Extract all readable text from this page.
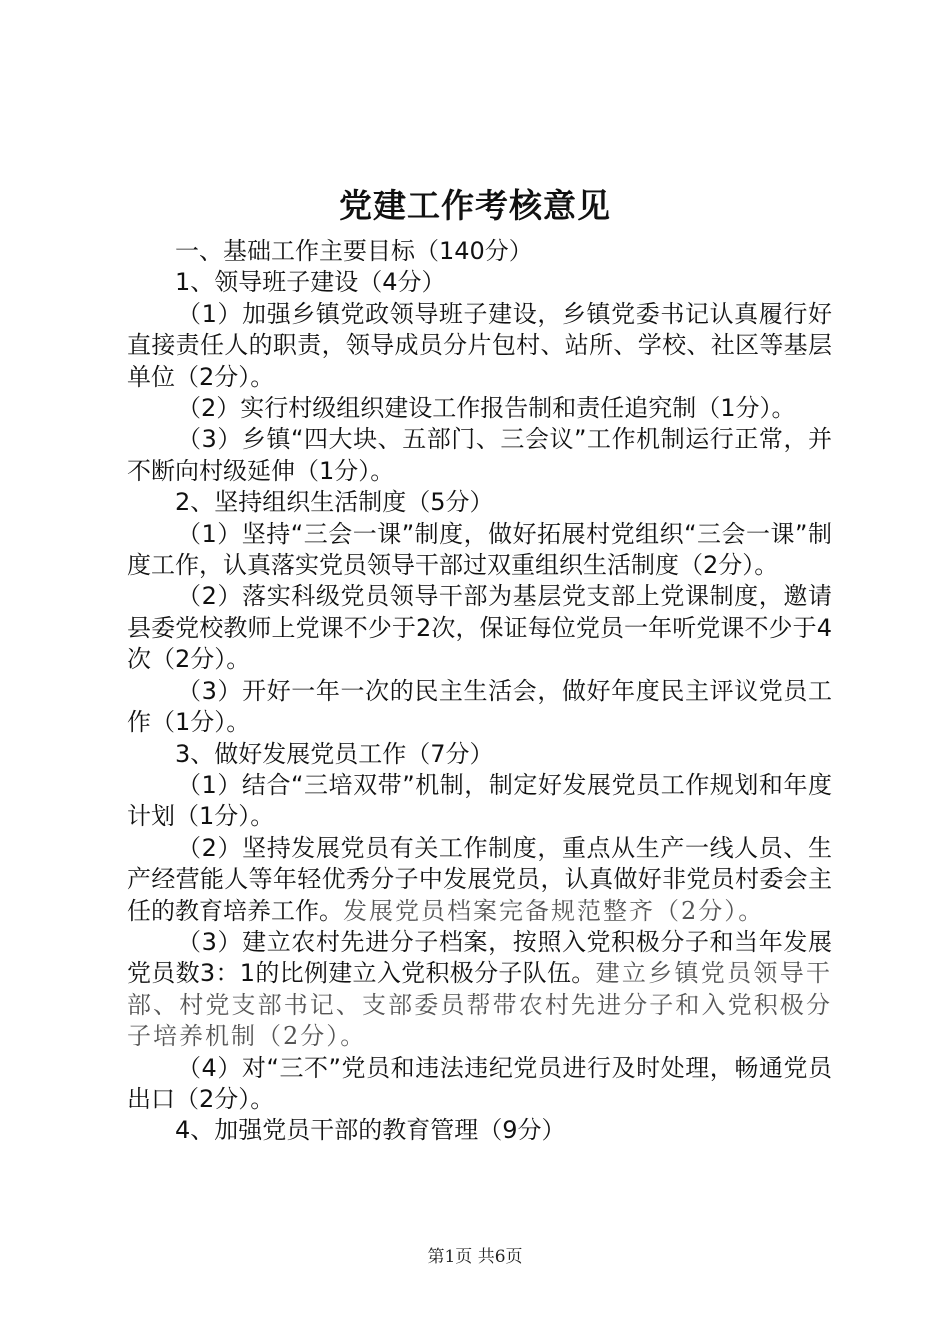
党建工作考核意见

一、基础工作主要目标（140分）

1、领导班子建设（4分）

（1）加强乡镇党政领导班子建设，乡镇党委书记认真履行好直接责任人的职责，领导成员分片包村、站所、学校、社区等基层单位（2分）。

（2）实行村级组织建设工作报告制和责任追究制（1分）。

（3）乡镇“四大块、五部门、三会议”工作机制运行正常，并不断向村级延伸（1分）。

2、坚持组织生活制度（5分）

（1）坚持“三会一课”制度，做好拓展村党组织“三会一课”制度工作，认真落实党员领导干部过双重组织生活制度（2分）。

（2）落实科级党员领导干部为基层党支部上党课制度，邀请县委党校教师上党课不少于2次，保证每位党员一年听党课不少于4次（2分）。

（3）开好一年一次的民主生活会，做好年度民主评议党员工作（1分）。

3、做好发展党员工作（7分）

（1）结合“三培双带”机制，制定好发展党员工作规划和年度计划（1分）。

（2）坚持发展党员有关工作制度，重点从生产一线人员、生产经营能人等年轻优秀分子中发展党员，认真做好非党员村委会主任的教育培养工作。发展党员档案完备规范整齐（2分）。

（3）建立农村先进分子档案，按照入党积极分子和当年发展党员数3：1的比例建立入党积极分子队伍。建立乡镇党员领导干部、村党支部书记、支部委员帮带农村先进分子和入党积极分子培养机制（2分）。

（4）对“三不”党员和违法违纪党员进行及时处理，畅通党员出口（2分）。

4、加强党员干部的教育管理（9分）

第1页 共6页
